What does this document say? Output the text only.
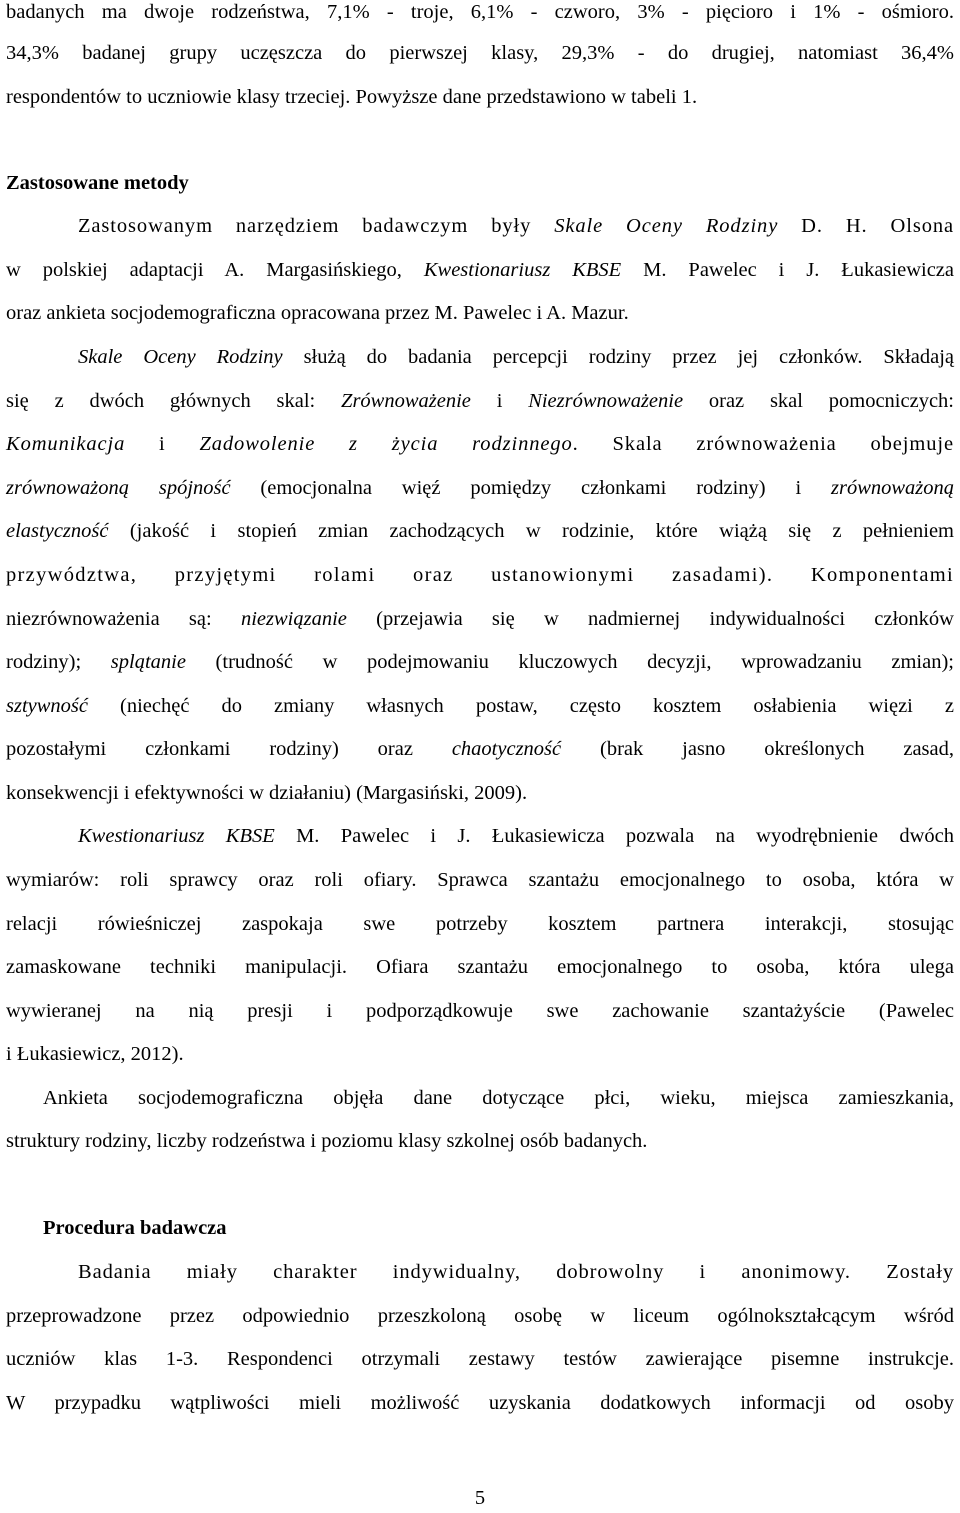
badanych ma dwoje rodzeństwa, 7,1% - troje, 6,1% - czworo, 3% - pięcioro i 1% - ośmioro.
34,3% badanej grupy uczęszcza do pierwszej klasy, 29,3% - do drugiej, natomiast 36,4%
respondentów to uczniowie klasy trzeciej. Powyższe dane przedstawiono w tabeli 1.
Zastosowane metody
Zastosowanym narzędziem badawczym były Skale Oceny Rodziny D. H. Olsona
w polskiej adaptacji A. Margasińskiego, Kwestionariusz KBSE M. Pawelec i J. Łukasiewicza
oraz ankieta socjodemograficzna opracowana przez M. Pawelec i A. Mazur.
Skale Oceny Rodziny służą do badania percepcji rodziny przez jej członków. Składają
się z dwóch głównych skal: Zrównoważenie i Niezrównoważenie oraz skal pomocniczych:
Komunikacja i Zadowolenie z życia rodzinnego. Skala zrównoważenia obejmuje
zrównoważoną spójność (emocjonalna więź pomiędzy członkami rodziny) i zrównoważoną
elastyczność (jakość i stopień zmian zachodzących w rodzinie, które wiążą się z pełnieniem
przywództwa, przyjętymi rolami oraz ustanowionymi zasadami). Komponentami
niezrównoważenia są: niezwiązanie (przejawia się w nadmiernej indywidualności członków
rodziny); splątanie (trudność w podejmowaniu kluczowych decyzji, wprowadzaniu zmian);
sztywność (niechęć do zmiany własnych postaw, często kosztem osłabienia więzi z
pozostałymi członkami rodziny) oraz chaotyczność (brak jasno określonych zasad,
konsekwencji i efektywności w działaniu) (Margasiński, 2009).
Kwestionariusz KBSE M. Pawelec i J. Łukasiewicza pozwala na wyodrębnienie dwóch
wymiarów: roli sprawcy oraz roli ofiary. Sprawca szantażu emocjonalnego to osoba, która w
relacji rówieśniczej zaspokaja swe potrzeby kosztem partnera interakcji, stosując
zamaskowane techniki manipulacji. Ofiara szantażu emocjonalnego to osoba, która ulega
wywieranej na nią presji i podporządkowuje swe zachowanie szantażyście (Pawelec
i Łukasiewicz, 2012).
Ankieta socjodemograficzna objęła dane dotyczące płci, wieku, miejsca zamieszkania,
struktury rodziny, liczby rodzeństwa i poziomu klasy szkolnej osób badanych.
Procedura badawcza
Badania miały charakter indywidualny, dobrowolny i anonimowy. Zostały
przeprowadzone przez odpowiednio przeszkoloną osobę w liceum ogólnokształcącym wśród
uczniów klas 1-3. Respondenci otrzymali zestawy testów zawierające pisemne instrukcje.
W przypadku wątpliwości mieli możliwość uzyskania dodatkowych informacji od osoby
5
